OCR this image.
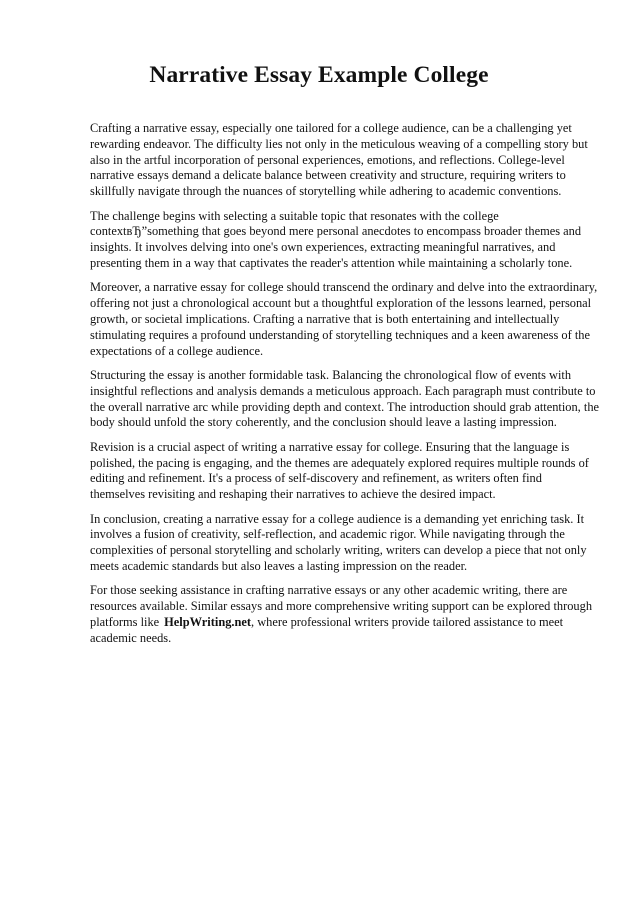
Narrative Essay Example College

Crafting a narrative essay, especially one tailored for a college audience, can be a challenging yet rewarding endeavor. The difficulty lies not only in the meticulous weaving of a compelling story but also in the artful incorporation of personal experiences, emotions, and reflections. College-level narrative essays demand a delicate balance between creativity and structure, requiring writers to skillfully navigate through the nuances of storytelling while adhering to academic conventions.

The challenge begins with selecting a suitable topic that resonates with the college contextвЂ”something that goes beyond mere personal anecdotes to encompass broader themes and insights. It involves delving into one's own experiences, extracting meaningful narratives, and presenting them in a way that captivates the reader's attention while maintaining a scholarly tone.

Moreover, a narrative essay for college should transcend the ordinary and delve into the extraordinary, offering not just a chronological account but a thoughtful exploration of the lessons learned, personal growth, or societal implications. Crafting a narrative that is both entertaining and intellectually stimulating requires a profound understanding of storytelling techniques and a keen awareness of the expectations of a college audience.

Structuring the essay is another formidable task. Balancing the chronological flow of events with insightful reflections and analysis demands a meticulous approach. Each paragraph must contribute to the overall narrative arc while providing depth and context. The introduction should grab attention, the body should unfold the story coherently, and the conclusion should leave a lasting impression.

Revision is a crucial aspect of writing a narrative essay for college. Ensuring that the language is polished, the pacing is engaging, and the themes are adequately explored requires multiple rounds of editing and refinement. It's a process of self-discovery and refinement, as writers often find themselves revisiting and reshaping their narratives to achieve the desired impact.

In conclusion, creating a narrative essay for a college audience is a demanding yet enriching task. It involves a fusion of creativity, self-reflection, and academic rigor. While navigating through the complexities of personal storytelling and scholarly writing, writers can develop a piece that not only meets academic standards but also leaves a lasting impression on the reader.

For those seeking assistance in crafting narrative essays or any other academic writing, there are resources available. Similar essays and more comprehensive writing support can be explored through platforms like HelpWriting.net, where professional writers provide tailored assistance to meet academic needs.
